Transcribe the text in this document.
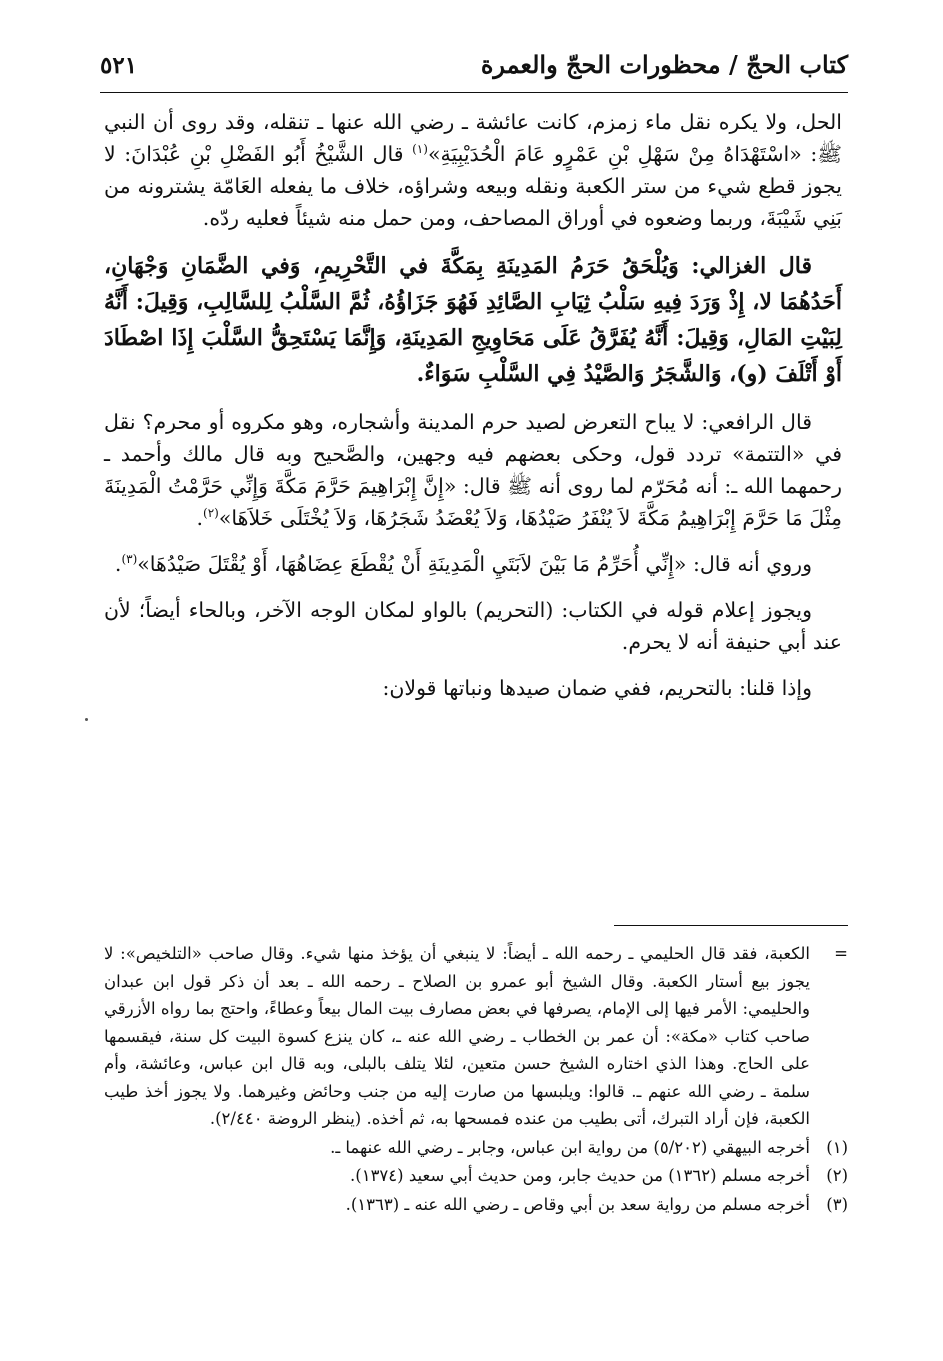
كتاب الحجّ / محظورات الحجّ والعمرة
٥٢١

الحل، ولا يكره نقل ماء زمزم، كانت عائشة ـ رضي الله عنها ـ تنقله، وقد روى أن النبي ﷺ: «اسْتَهْدَاهُ مِنْ سَهْلِ بْنِ عَمْرٍو عَامَ الْحُدَيْبِيَةِ»$^{(١)}$ قال الشَّيْخُ أَبُو الفَضْلِ بْنِ عُبْدَانَ: لا يجوز قطع شيء من ستر الكعبة ونقله وبيعه وشراؤه، خلاف ما يفعله العَامّة يشترونه من بَنِي شَيْبَةَ، وربما وضعوه في أوراق المصاحف، ومن حمل منه شيئاً فعليه ردّه.

قال الغزالي: وَيُلْحَقُ حَرَمُ المَدِينَةِ بِمَكَّةَ في التَّحْرِيمِ، وَفي الضَّمَانِ وَجْهَانِ، أَحَدُهُمَا لا، إِذْ وَرَدَ فِيهِ سَلْبُ ثِيَابِ الصَّائِدِ فَهُوَ جَزَاؤُهُ، ثُمَّ السَّلْبُ لِلسَّالِبِ، وَقِيلَ: أَنَّهُ لِبَيْتِ المَالِ، وَقِيلَ: أَنَّهُ يُفَرَّقُ عَلَى مَحَاوِيجِ المَدِينَةِ، وَإِنَّمَا يَسْتَحِقُّ السَّلْبَ إِذَا اصْطَادَ أَوْ أَتْلَفَ (و)، وَالشَّجَرُ وَالصَّيْدُ فِي السَّلْبِ سَوَاءٌ.

قال الرافعي: لا يباح التعرض لصيد حرم المدينة وأشجاره، وهو مكروه أو محرم؟ نقل في «التتمة» تردد قول، وحكى بعضهم فيه وجهين، والصَّحيح وبه قال مالك وأحمد ـ رحمهما الله ـ: أنه مُحَرّم لما روى أنه ﷺ قال: «إِنَّ إِبْرَاهِيمَ حَرَّمَ مَكَّةَ وَإِنِّي حَرَّمْتُ الْمَدِينَةَ مِثْلَ مَا حَرَّمَ إِبْرَاهِيمُ مَكَّةَ لاَ يُنْفَرُ صَيْدُهَا، وَلاَ يُعْضَدُ شَجَرُهَا، وَلاَ يُخْتَلَى خَلاَهَا»$^{(٢)}$.

وروي أنه قال: «إِنِّي أُحَرِّمُ مَا بَيْنَ لاَبَتَيِ الْمَدِينَةِ أَنْ يُقْطَعَ عِضَاهُهَا، أَوْ يُقْتَلَ صَيْدُهَا»$^{(٣)}$.

ويجوز إعلام قوله في الكتاب: (التحريم) بالواو لمكان الوجه الآخر، وبالحاء أيضاً؛ لأن عند أبي حنيفة أنه لا يحرم.

وإذا قلنا: بالتحريم، ففي ضمان صيدها ونباتها قولان:

=
الكعبة، فقد قال الحليمي ـ رحمه الله ـ أيضاً: لا ينبغي أن يؤخذ منها شيء. وقال صاحب «التلخيص»: لا يجوز بيع أستار الكعبة. وقال الشيخ أبو عمرو بن الصلاح ـ رحمه الله ـ بعد أن ذكر قول ابن عبدان والحليمي: الأمر فيها إلى الإمام، يصرفها في بعض مصارف بيت المال بيعاً وعطاءً، واحتج بما رواه الأزرقي صاحب كتاب «مكة»: أن عمر بن الخطاب ـ رضي الله عنه ـ، كان ينزع كسوة البيت كل سنة، فيقسمها على الحاج. وهذا الذي اختاره الشيخ حسن متعين، لئلا يتلف بالبلى، وبه قال ابن عباس، وعائشة، وأم سلمة ـ رضي الله عنهم ـ. قالوا: ويلبسها من صارت إليه من جنب وحائض وغيرهما. ولا يجوز أخذ طيب الكعبة، فإن أراد التبرك، أتى بطيب من عنده فمسحها به، ثم أخذه. (ينظر الروضة ٢/٤٤٠).
(١)
أخرجه البيهقي (٥/٢٠٢) من رواية ابن عباس، وجابر ـ رضي الله عنهما ـ.
(٢)
أخرجه مسلم (١٣٦٢) من حديث جابر، ومن حديث أبي سعيد (١٣٧٤).
(٣)
أخرجه مسلم من رواية سعد بن أبي وقاص ـ رضي الله عنه ـ (١٣٦٣).
